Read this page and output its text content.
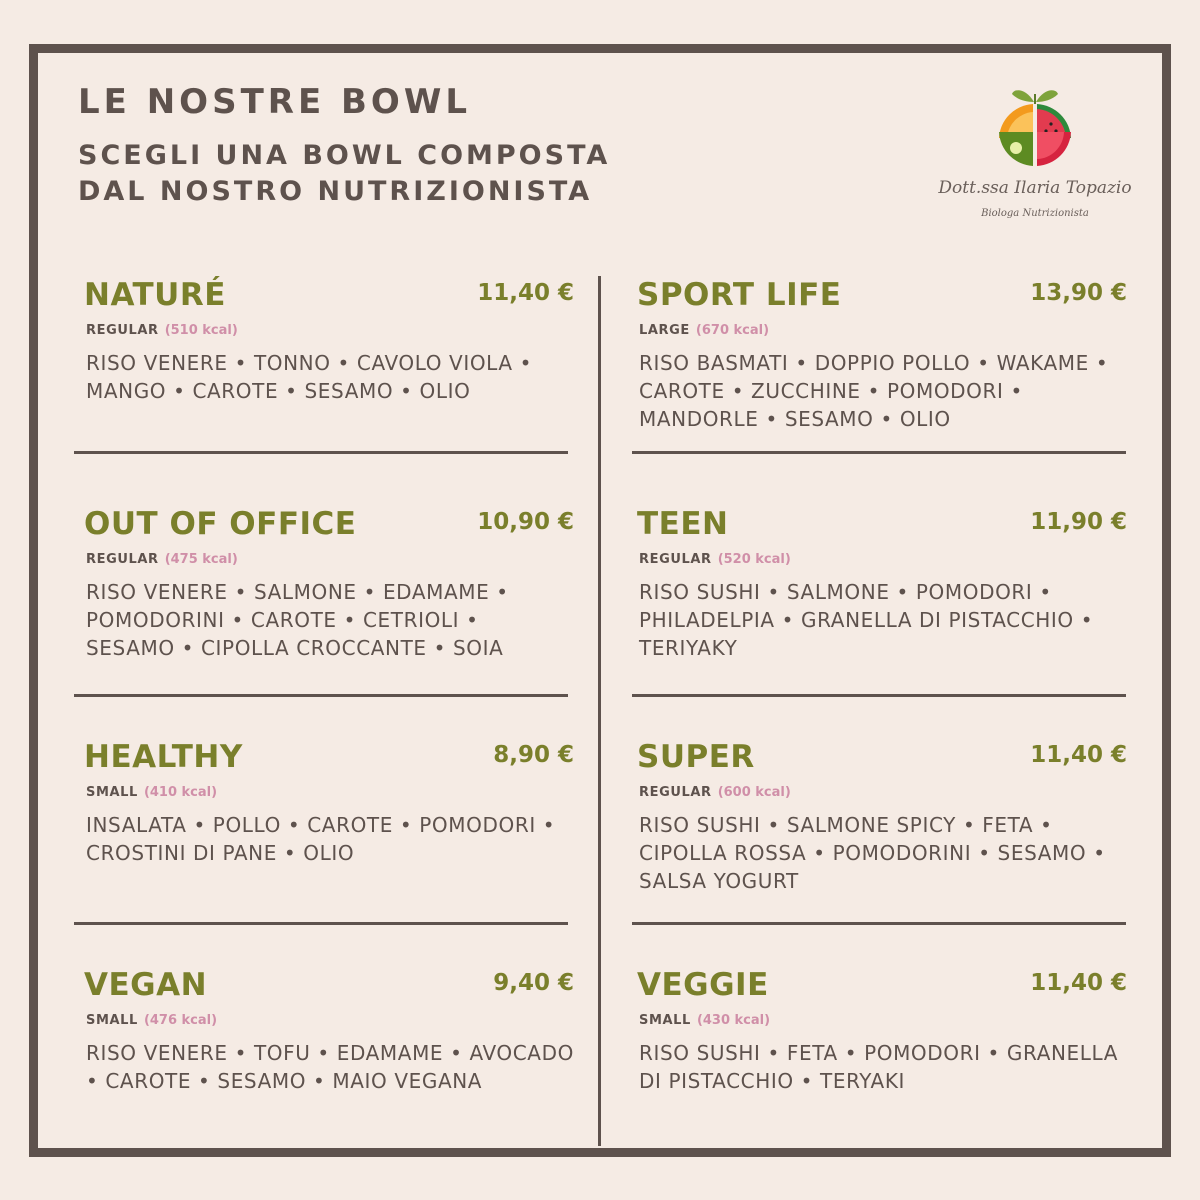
LE NOSTRE BOWL
SCEGLI UNA BOWL COMPOSTA
DAL NOSTRO NUTRIZIONISTA	Dott.ssa Ilaria Topazio
Biologa Nutrizionista
NATURÉ	11,40 €
REGULAR (510 kcal)
RISO VENERE • TONNO • CAVOLO VIOLA • MANGO • CAROTE • SESAMO • OLIO
OUT OF OFFICE	10,90 €
REGULAR (475 kcal)
RISO VENERE • SALMONE • EDAMAME • POMODORINI • CAROTE • CETRIOLI • SESAMO • CIPOLLA CROCCANTE • SOIA
HEALTHY	8,90 €
SMALL (410 kcal)
INSALATA • POLLO • CAROTE • POMODORI • CROSTINI DI PANE • OLIO
VEGAN	9,40 €
SMALL (476 kcal)
RISO VENERE • TOFU • EDAMAME • AVOCADO • CAROTE • SESAMO • MAIO VEGANA
SPORT LIFE	13,90 €
LARGE (670 kcal)
RISO BASMATI • DOPPIO POLLO • WAKAME • CAROTE • ZUCCHINE • POMODORI • MANDORLE • SESAMO • OLIO
TEEN	11,90 €
REGULAR (520 kcal)
RISO SUSHI • SALMONE • POMODORI • PHILADELPIA • GRANELLA DI PISTACCHIO • TERIYAKY
SUPER	11,40 €
REGULAR (600 kcal)
RISO SUSHI • SALMONE SPICY • FETA • CIPOLLA ROSSA • POMODORINI • SESAMO • SALSA YOGURT
VEGGIE	11,40 €
SMALL (430 kcal)
RISO SUSHI • FETA • POMODORI • GRANELLA DI PISTACCHIO • TERYAKI
